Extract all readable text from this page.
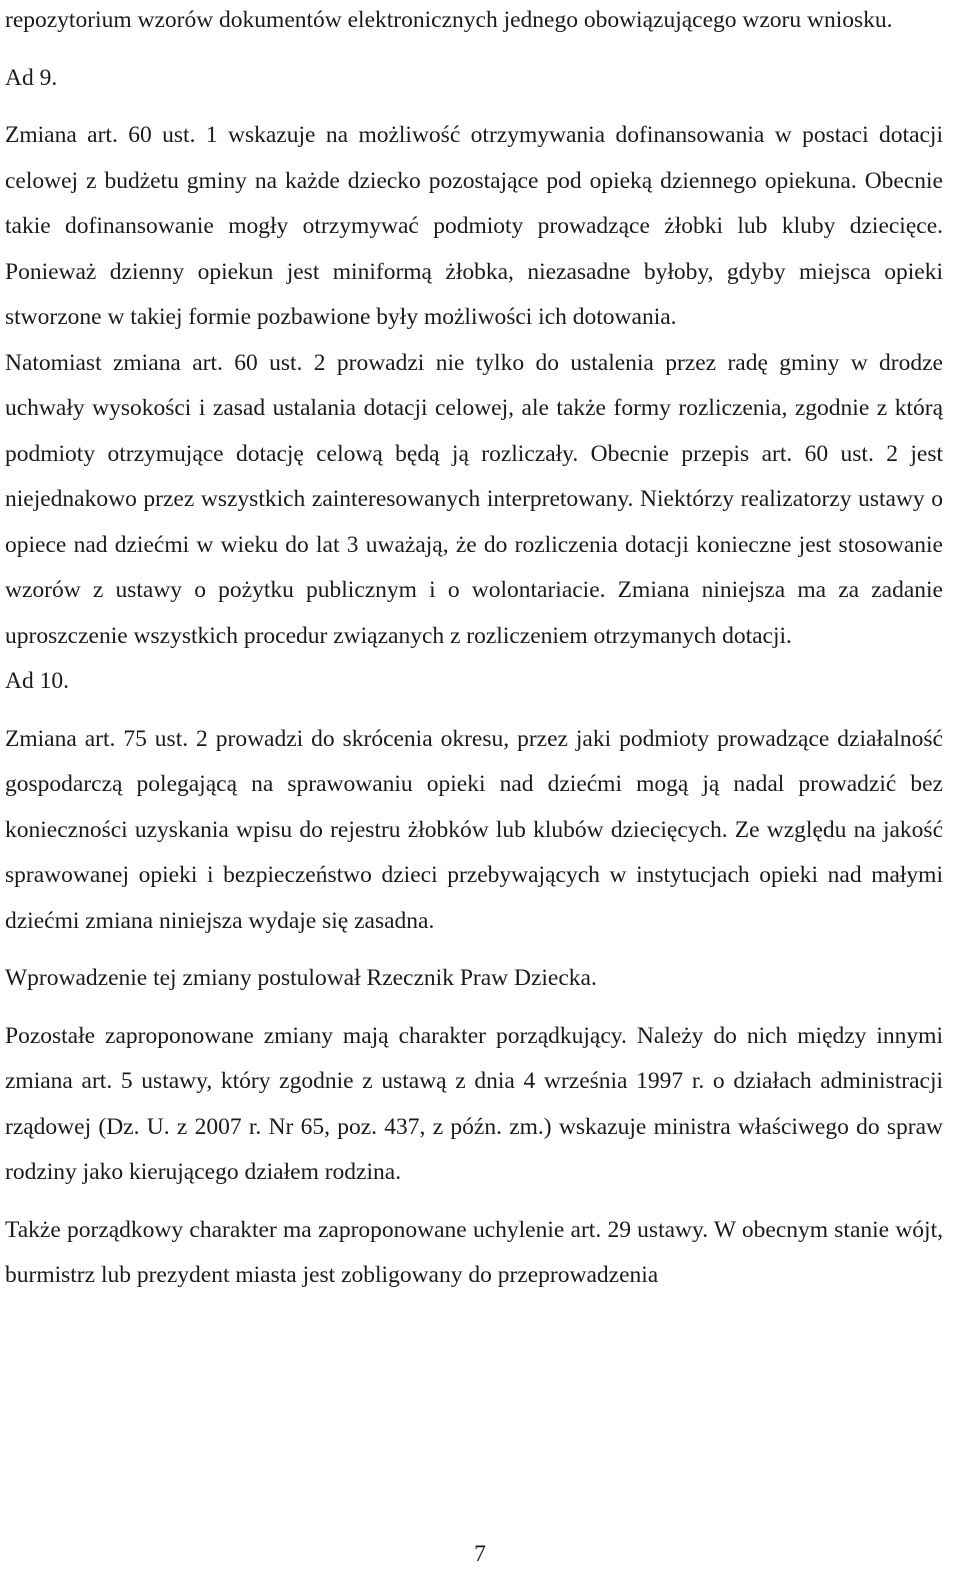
repozytorium wzorów dokumentów elektronicznych jednego obowiązującego wzoru wniosku.

Ad 9.

Zmiana art. 60 ust. 1 wskazuje na możliwość otrzymywania dofinansowania w postaci dotacji celowej z budżetu gminy na każde dziecko pozostające pod opieką dziennego opiekuna. Obecnie takie dofinansowanie mogły otrzymywać podmioty prowadzące żłobki lub kluby dziecięce. Ponieważ dzienny opiekun jest miniformą żłobka, niezasadne byłoby, gdyby miejsca opieki stworzone w takiej formie pozbawione były możliwości ich dotowania.

Natomiast zmiana art. 60 ust. 2 prowadzi nie tylko do ustalenia przez radę gminy w drodze uchwały wysokości i zasad ustalania dotacji celowej, ale także formy rozliczenia, zgodnie z którą podmioty otrzymujące dotację celową będą ją rozliczały. Obecnie przepis art. 60 ust. 2 jest niejednakowo przez wszystkich zainteresowanych interpretowany. Niektórzy realizatorzy ustawy o opiece nad dziećmi w wieku do lat 3 uważają, że do rozliczenia dotacji konieczne jest stosowanie wzorów z ustawy o pożytku publicznym i o wolontariacie. Zmiana niniejsza ma za zadanie uproszczenie wszystkich procedur związanych z rozliczeniem otrzymanych dotacji.

Ad 10.

Zmiana art. 75 ust. 2 prowadzi do skrócenia okresu, przez jaki podmioty prowadzące działalność gospodarczą polegającą na sprawowaniu opieki nad dziećmi mogą ją nadal prowadzić bez konieczności uzyskania wpisu do rejestru żłobków lub klubów dziecięcych. Ze względu na jakość sprawowanej opieki i bezpieczeństwo dzieci przebywających w instytucjach opieki nad małymi dziećmi zmiana niniejsza wydaje się zasadna.

Wprowadzenie tej zmiany postulował Rzecznik Praw Dziecka.

Pozostałe zaproponowane zmiany mają charakter porządkujący. Należy do nich między innymi zmiana art. 5 ustawy, który zgodnie z ustawą z dnia 4 września 1997 r. o działach administracji rządowej (Dz. U. z 2007 r. Nr 65, poz. 437, z późn. zm.) wskazuje ministra właściwego do spraw rodziny jako kierującego działem rodzina.

Także porządkowy charakter ma zaproponowane uchylenie art. 29 ustawy. W obecnym stanie wójt, burmistrz lub prezydent miasta jest zobligowany do przeprowadzenia

7
